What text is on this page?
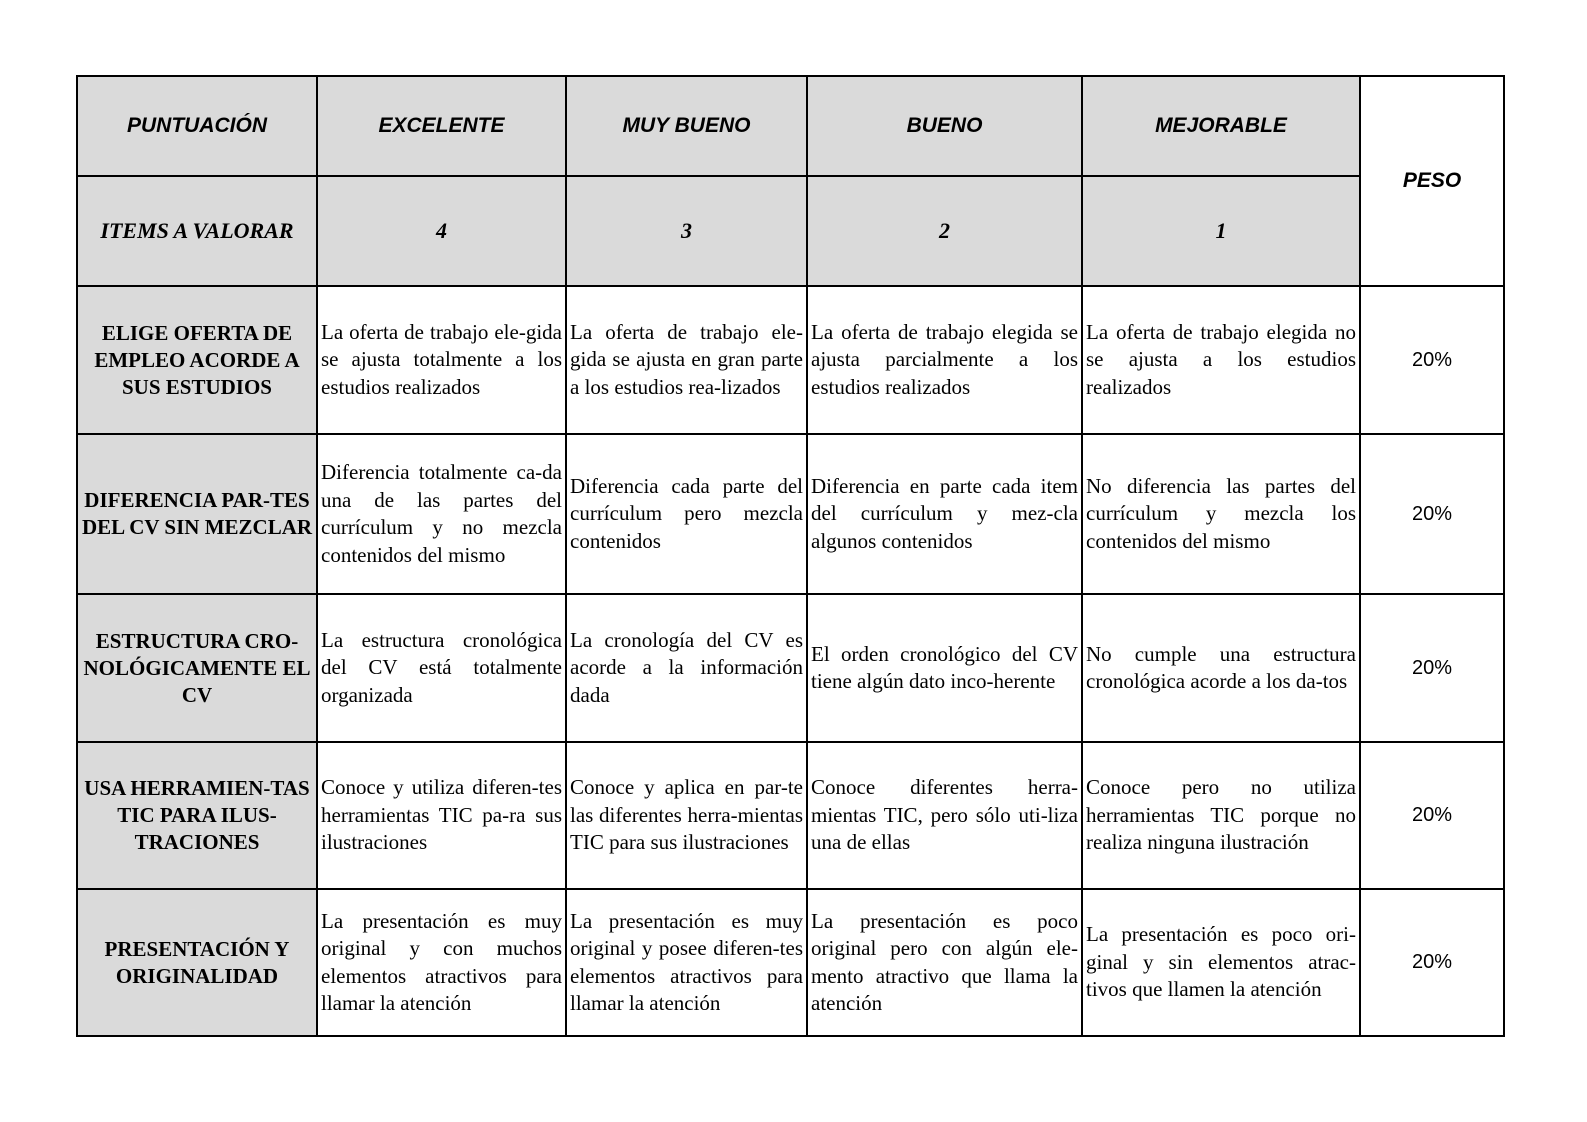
PUNTUACIÓN	EXCELENTE	MUY BUENO	BUENO	MEJORABLE	PESO
ITEMS A VALORAR	4	3	2	1	
ELIGE OFERTA DE EMPLEO ACORDE A SUS ESTUDIOS	La oferta de trabajo ele-gida se ajusta totalmente a los estudios realizados	La oferta de trabajo ele-gida se ajusta en gran parte a los estudios rea-lizados	La oferta de trabajo elegida se ajusta parcialmente a los estudios realizados	La oferta de trabajo elegida no se ajusta a los estudios realizados	20%
DIFERENCIA PAR-TES DEL CV SIN MEZCLAR	Diferencia totalmente ca-da una de las partes del currículum y no mezcla contenidos del mismo	Diferencia cada parte del currículum pero mezcla contenidos	Diferencia en parte cada item del currículum y mez-cla algunos contenidos	No diferencia las partes del currículum y mezcla los contenidos del mismo	20%
ESTRUCTURA CRO-NOLÓGICAMENTE EL CV	La estructura cronológica del CV está totalmente organizada	La cronología del CV es acorde a la información dada	El orden cronológico del CV tiene algún dato inco-herente	No cumple una estructura cronológica acorde a los da-tos	20%
USA HERRAMIEN-TAS TIC PARA ILUS-TRACIONES	Conoce y utiliza diferen-tes herramientas TIC pa-ra sus ilustraciones	Conoce y aplica en par-te las diferentes herra-mientas TIC para sus ilustraciones	Conoce diferentes herra-mientas TIC, pero sólo uti-liza una de ellas	Conoce pero no utiliza herramientas TIC porque no realiza ninguna ilustración	20%
PRESENTACIÓN Y ORIGINALIDAD	La presentación es muy original y con muchos elementos atractivos para llamar la atención	La presentación es muy original y posee diferen-tes elementos atractivos para llamar la atención	La presentación es poco original pero con algún ele-mento atractivo que llama la atención	La presentación es poco ori-ginal y sin elementos atrac-tivos que llamen la atención	20%
